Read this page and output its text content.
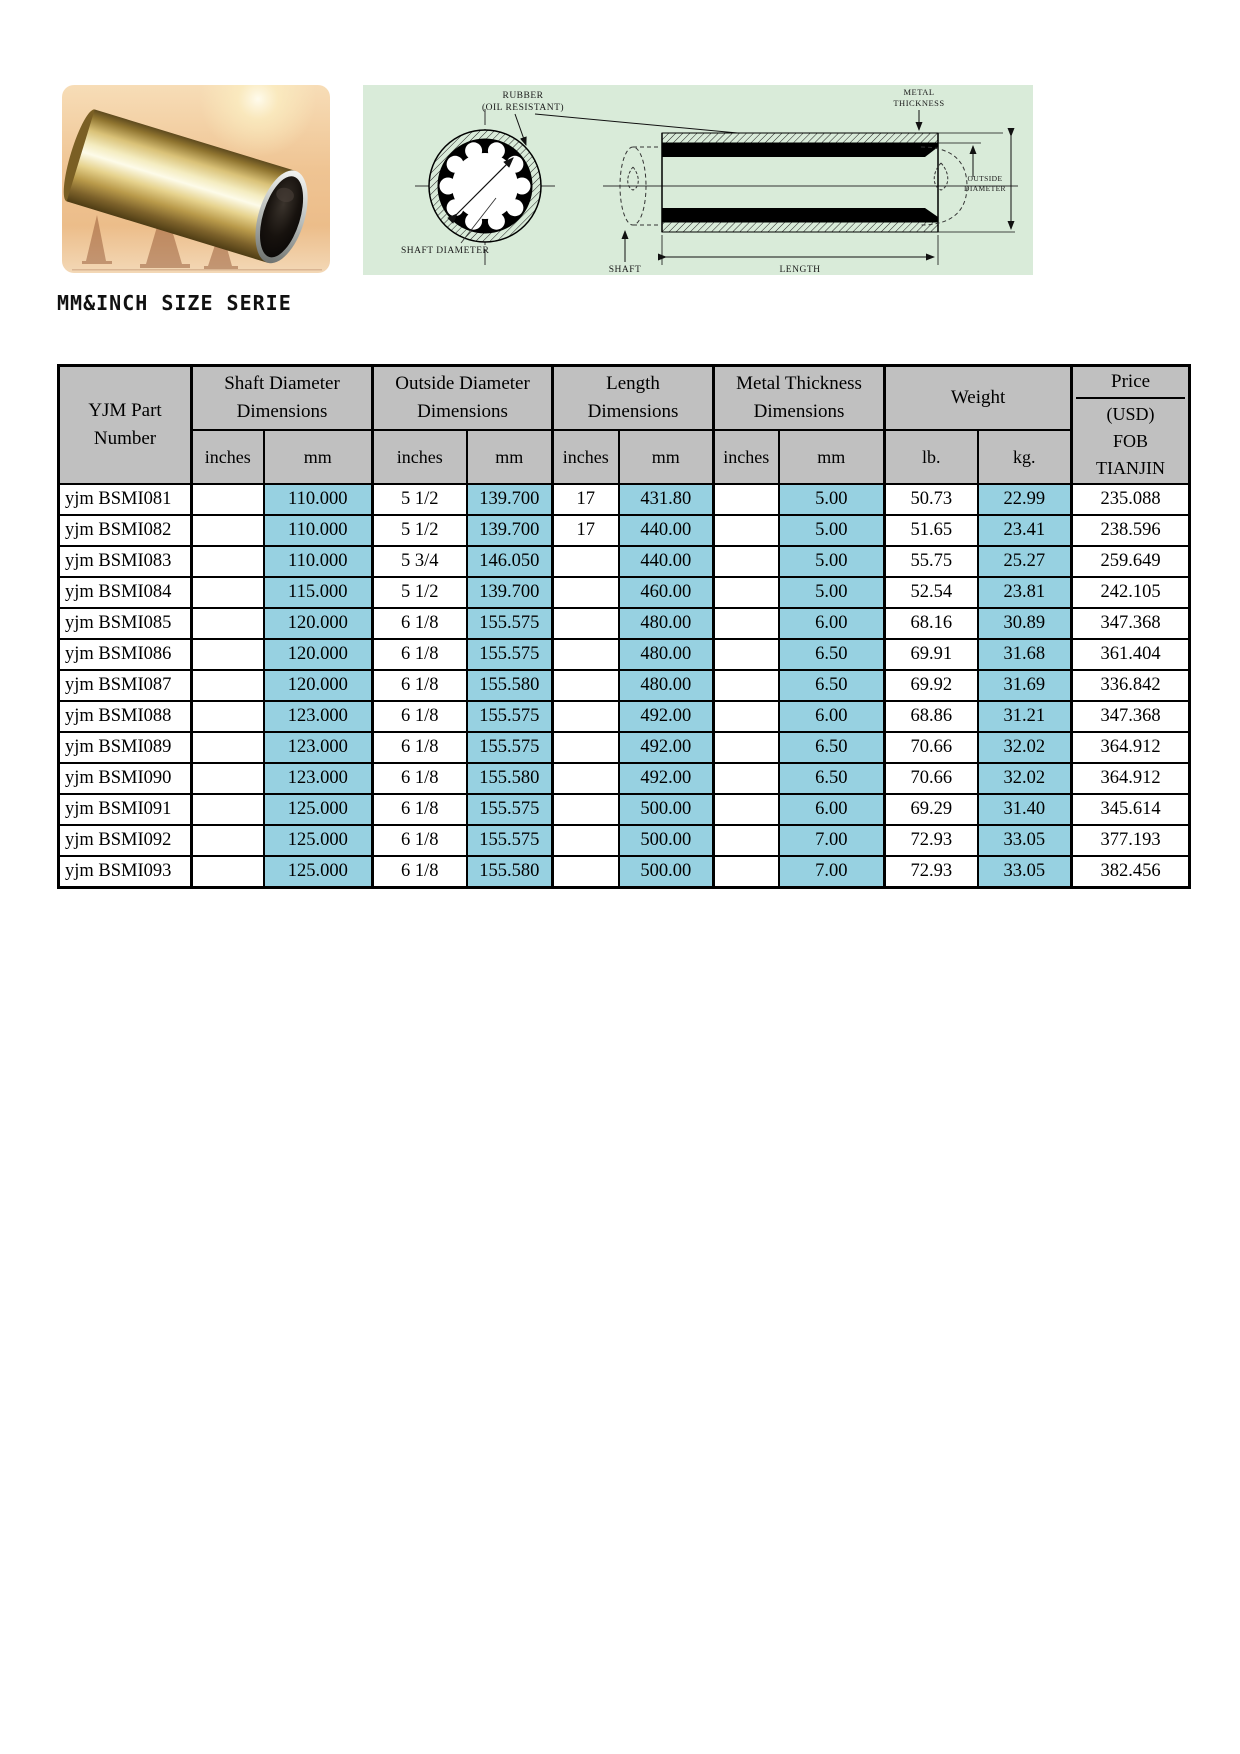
RUBBER
(OIL RESISTANT)
METAL
THICKNESS
OUTSIDE
DIAMETER
SHAFT DIAMETER
SHAFT	LENGTH
MM&INCH SIZE SERIE
YJM Part
Number

Shaft Diameter
Dimensions

Outside Diameter
Dimensions

Length
Dimensions

Metal Thickness
Dimensions
	Weight	
Price
(USD)
FOB
TIANJIN

	inches	mm	inches	mm	inches	mm	inches	mm	lb.	kg.	
yjm BSMI081		110.000	5 1/2	139.700	17	431.80		5.00	50.73	22.99	235.088
yjm BSMI082		110.000	5 1/2	139.700	17	440.00		5.00	51.65	23.41	238.596
yjm BSMI083		110.000	5 3/4	146.050		440.00		5.00	55.75	25.27	259.649
yjm BSMI084		115.000	5 1/2	139.700		460.00		5.00	52.54	23.81	242.105
yjm BSMI085		120.000	6 1/8	155.575		480.00		6.00	68.16	30.89	347.368
yjm BSMI086		120.000	6 1/8	155.575		480.00		6.50	69.91	31.68	361.404
yjm BSMI087		120.000	6 1/8	155.580		480.00		6.50	69.92	31.69	336.842
yjm BSMI088		123.000	6 1/8	155.575		492.00		6.00	68.86	31.21	347.368
yjm BSMI089		123.000	6 1/8	155.575		492.00		6.50	70.66	32.02	364.912
yjm BSMI090		123.000	6 1/8	155.580		492.00		6.50	70.66	32.02	364.912
yjm BSMI091		125.000	6 1/8	155.575		500.00		6.00	69.29	31.40	345.614
yjm BSMI092		125.000	6 1/8	155.575		500.00		7.00	72.93	33.05	377.193
yjm BSMI093		125.000	6 1/8	155.580		500.00		7.00	72.93	33.05	382.456
